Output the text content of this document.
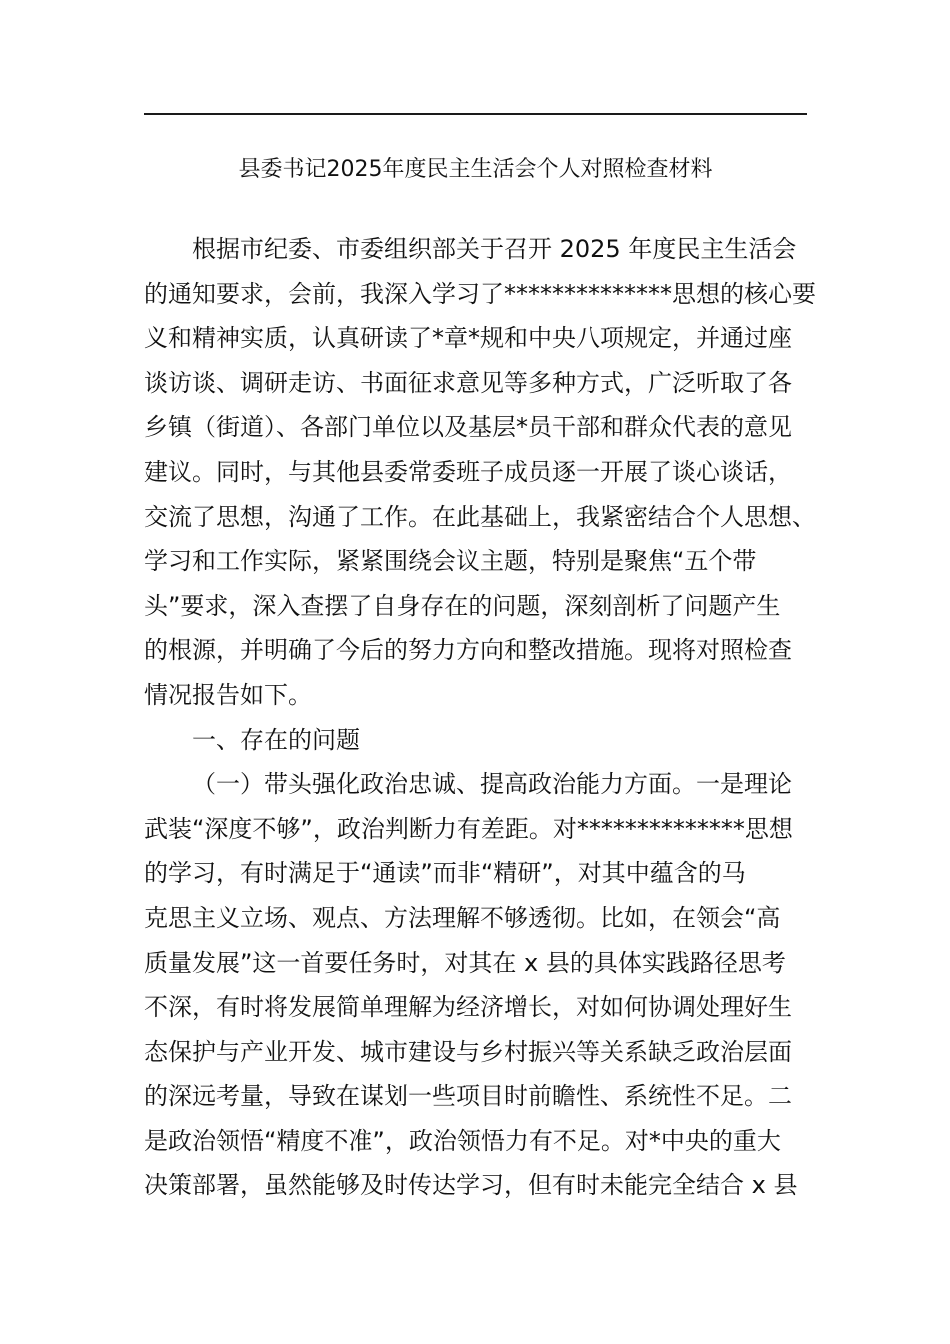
县委书记2025年度民主生活会个人对照检查材料
根据市纪委、市委组织部关于召开 2025 年度民主生活会
的通知要求，会前，我深入学习了**************思想的核心要
义和精神实质，认真研读了*章*规和中央八项规定，并通过座
谈访谈、调研走访、书面征求意见等多种方式，广泛听取了各
乡镇（街道）、各部门单位以及基层*员干部和群众代表的意见
建议。同时，与其他县委常委班子成员逐一开展了谈心谈话，
交流了思想，沟通了工作。在此基础上，我紧密结合个人思想、
学习和工作实际，紧紧围绕会议主题，特别是聚焦“五个带
头”要求，深入查摆了自身存在的问题，深刻剖析了问题产生
的根源，并明确了今后的努力方向和整改措施。现将对照检查
情况报告如下。
一、存在的问题
（一）带头强化政治忠诚、提高政治能力方面。一是理论
武装“深度不够”，政治判断力有差距。对**************思想
的学习，有时满足于“通读”而非“精研”，对其中蕴含的马
克思主义立场、观点、方法理解不够透彻。比如，在领会“高
质量发展”这一首要任务时，对其在 x 县的具体实践路径思考
不深，有时将发展简单理解为经济增长，对如何协调处理好生
态保护与产业开发、城市建设与乡村振兴等关系缺乏政治层面
的深远考量，导致在谋划一些项目时前瞻性、系统性不足。二
是政治领悟“精度不准”，政治领悟力有不足。对*中央的重大
决策部署，虽然能够及时传达学习，但有时未能完全结合 x 县
